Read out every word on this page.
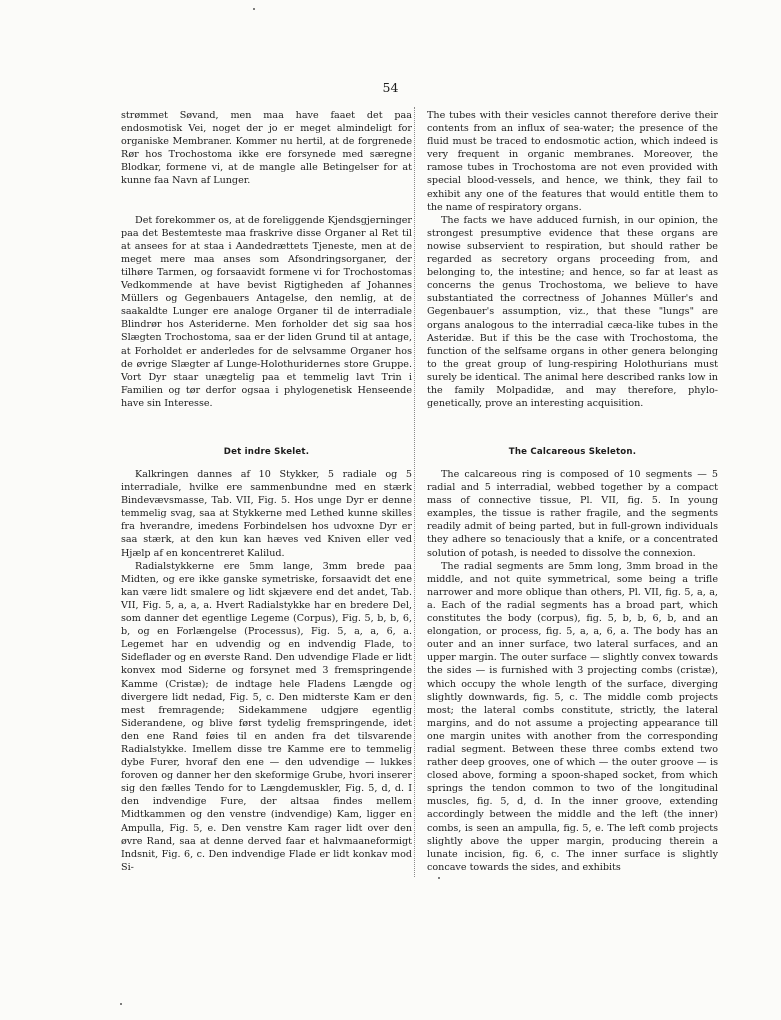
54

strømmet Søvand, men maa have faaet det paa endosmotisk Vei, noget der jo er meget almindeligt for organiske Membraner. Kommer nu hertil, at de forgrenede Rør hos Trochostoma ikke ere forsynede med særegne Blodkar, formene vi, at de mangle alle Betingelser for at kunne faa Navn af Lunger.

Det forekommer os, at de foreliggende Kjendsgjerninger paa det Bestemteste maa fraskrive disse Organer al Ret til at ansees for at staa i Aandedrættets Tjeneste, men at de meget mere maa anses som Afsondringsorganer, der tilhøre Tarmen, og forsaavidt formene vi for Trochostomas Vedkommende at have bevist Rigtigheden af Johannes Müllers og Gegenbauers Antagelse, den nemlig, at de saakaldte Lunger ere analoge Organer til de interradiale Blindrør hos Asteriderne. Men forholder det sig saa hos Slægten Trochostoma, saa er der liden Grund til at antage, at Forholdet er anderledes for de selvsamme Organer hos de øvrige Slægter af Lunge-Holothuridernes store Gruppe. Vort Dyr staar unægtelig paa et temmelig lavt Trin i Familien og tør derfor ogsaa i phylogenetisk Henseende have sin Interesse.

The tubes with their vesicles cannot therefore derive their contents from an influx of sea-water; the presence of the fluid must be traced to endosmotic action, which indeed is very frequent in organic membranes. Moreover, the ramose tubes in Trochostoma are not even provided with special blood-vessels, and hence, we think, they fail to exhibit any one of the features that would entitle them to the name of respiratory organs.

The facts we have adduced furnish, in our opinion, the strongest presumptive evidence that these organs are nowise subservient to respiration, but should rather be regarded as secretory organs proceeding from, and belonging to, the intestine; and hence, so far at least as concerns the genus Trochostoma, we believe to have substantiated the correctness of Johannes Müller's and Gegenbauer's assumption, viz., that these "lungs" are organs analogous to the interradial cæca-like tubes in the Asteridæ. But if this be the case with Trochostoma, the function of the selfsame organs in other genera belonging to the great group of lung-respiring Holothurians must surely be identical. The animal here described ranks low in the family Molpadidæ, and may therefore, phylo-genetically, prove an interesting acquisition.

Det indre Skelet.	The Calcareous Skeleton.

Kalkringen dannes af 10 Stykker, 5 radiale og 5 interradiale, hvilke ere sammenbundne med en stærk Bindevævsmasse, Tab. VII, Fig. 5. Hos unge Dyr er denne temmelig svag, saa at Stykkerne med Lethed kunne skilles fra hverandre, imedens Forbindelsen hos udvoxne Dyr er saa stærk, at den kun kan hæves ved Kniven eller ved Hjælp af en koncentreret Kalilud.

Radialstykkerne ere 5mm lange, 3mm brede paa Midten, og ere ikke ganske symetriske, forsaavidt det ene kan være lidt smalere og lidt skjævere end det andet, Tab. VII, Fig. 5, a, a, a. Hvert Radialstykke har en bredere Del, som danner det egentlige Legeme (Corpus), Fig. 5, b, b, 6, b, og en Forlængelse (Processus), Fig. 5, a, a, 6, a. Legemet har en udvendig og en indvendig Flade, to Sideflader og en øverste Rand. Den udvendige Flade er lidt konvex mod Siderne og forsynet med 3 fremspringende Kamme (Cristæ); de indtage hele Fladens Længde og divergere lidt nedad, Fig. 5, c. Den midterste Kam er den mest fremragende; Sidekammene udgjøre egentlig Siderandene, og blive først tydelig fremspringende, idet den ene Rand føies til en anden fra det tilsvarende Radialstykke. Imellem disse tre Kamme ere to temmelig dybe Furer, hvoraf den ene — den udvendige — lukkes foroven og danner her den skeformige Grube, hvori inserer sig den fælles Tendo for to Længdemuskler, Fig. 5, d, d. I den indvendige Fure, der altsaa findes mellem Midtkammen og den venstre (indvendige) Kam, ligger en Ampulla, Fig. 5, e. Den venstre Kam rager lidt over den øvre Rand, saa at denne derved faar et halvmaaneformigt Indsnit, Fig. 6, c. Den indvendige Flade er lidt konkav mod Si-

The calcareous ring is composed of 10 segments — 5 radial and 5 interradial, webbed together by a compact mass of connective tissue, Pl. VII, fig. 5. In young examples, the tissue is rather fragile, and the segments readily admit of being parted, but in full-grown individuals they adhere so tenaciously that a knife, or a concentrated solution of potash, is needed to dissolve the connexion.

The radial segments are 5mm long, 3mm broad in the middle, and not quite symmetrical, some being a trifle narrower and more oblique than others, Pl. VII, fig. 5, a, a, a. Each of the radial segments has a broad part, which constitutes the body (corpus), fig. 5, b, b, 6, b, and an elongation, or process, fig. 5, a, a, 6, a. The body has an outer and an inner surface, two lateral surfaces, and an upper margin. The outer surface — slightly convex towards the sides — is furnished with 3 projecting combs (cristæ), which occupy the whole length of the surface, diverging slightly downwards, fig. 5, c. The middle comb projects most; the lateral combs constitute, strictly, the lateral margins, and do not assume a projecting appearance till one margin unites with another from the corresponding radial segment. Between these three combs extend two rather deep grooves, one of which — the outer groove — is closed above, forming a spoon-shaped socket, from which springs the tendon common to two of the longitudinal muscles, fig. 5, d, d. In the inner groove, extending accordingly between the middle and the left (the inner) combs, is seen an ampulla, fig. 5, e. The left comb projects slightly above the upper margin, producing therein a lunate incision, fig. 6, c. The inner surface is slightly concave towards the sides, and exhibits
